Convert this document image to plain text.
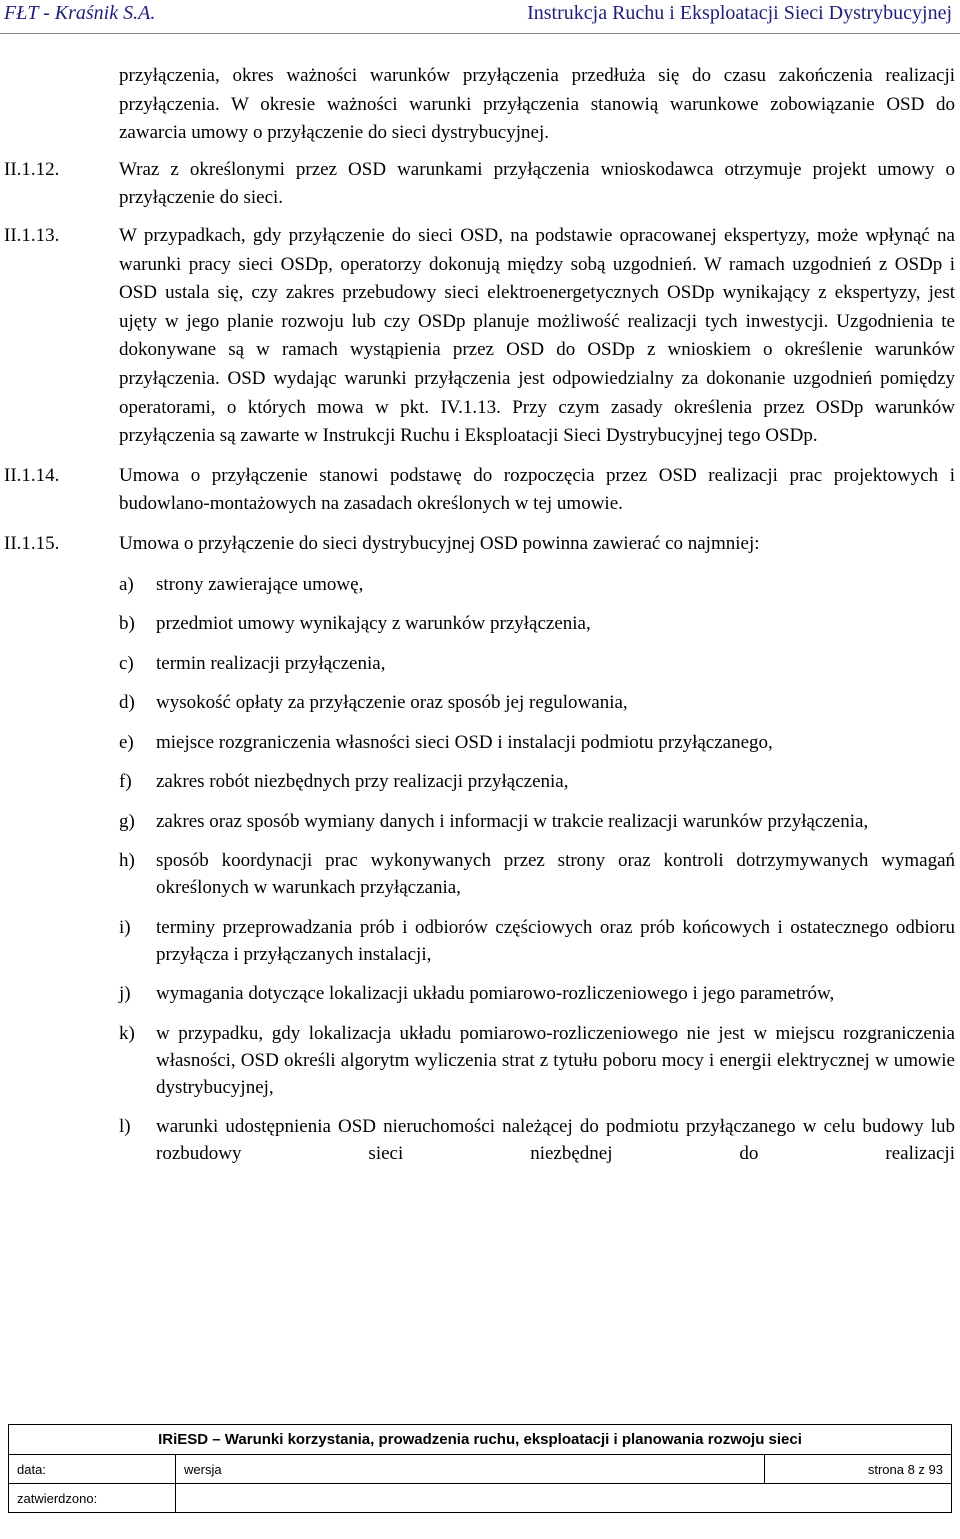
FŁT - Kraśnik S.A.	Instrukcja Ruchu i Eksploatacji Sieci Dystrybucyjnej
przyłączenia, okres ważności warunków przyłączenia przedłuża się do czasu zakończenia realizacji przyłączenia. W okresie ważności warunki przyłączenia stanowią warunkowe zobowiązanie OSD do zawarcia umowy o przyłączenie do sieci dystrybucyjnej.
II.1.12.	Wraz z określonymi przez OSD warunkami przyłączenia wnioskodawca otrzymuje projekt umowy o przyłączenie do sieci.
II.1.13.	W przypadkach, gdy przyłączenie do sieci OSD, na podstawie opracowanej ekspertyzy, może wpłynąć na warunki pracy sieci OSDp, operatorzy dokonują między sobą uzgodnień. W ramach uzgodnień z OSDp i OSD ustala się, czy zakres przebudowy sieci elektroenergetycznych OSDp wynikający z ekspertyzy, jest ujęty w jego planie rozwoju lub czy OSDp planuje możliwość realizacji tych inwestycji. Uzgodnienia te dokonywane są w ramach wystąpienia przez OSD do OSDp z wnioskiem o określenie warunków przyłączenia. OSD wydając warunki przyłączenia jest odpowiedzialny za dokonanie uzgodnień pomiędzy operatorami, o których mowa w pkt. IV.1.13. Przy czym zasady określenia przez OSDp warunków przyłączenia są zawarte w Instrukcji Ruchu i Eksploatacji Sieci Dystrybucyjnej tego OSDp.
II.1.14.	Umowa o przyłączenie stanowi podstawę do rozpoczęcia przez OSD realizacji prac projektowych i budowlano-montażowych na zasadach określonych w tej umowie.
II.1.15.	Umowa o przyłączenie do sieci dystrybucyjnej OSD powinna zawierać co najmniej:
a) strony zawierające umowę,
b) przedmiot umowy wynikający z warunków przyłączenia,
c) termin realizacji przyłączenia,
d) wysokość opłaty za przyłączenie oraz sposób jej regulowania,
e) miejsce rozgraniczenia własności sieci OSD i instalacji podmiotu przyłączanego,
f) zakres robót niezbędnych przy realizacji przyłączenia,
g) zakres oraz sposób wymiany danych i informacji w trakcie realizacji warunków przyłączenia,
h) sposób koordynacji prac wykonywanych przez strony oraz kontroli dotrzymywanych wymagań określonych w warunkach przyłączania,
i) terminy przeprowadzania prób i odbiorów częściowych oraz prób końcowych i ostatecznego odbioru przyłącza i przyłączanych instalacji,
j) wymagania dotyczące lokalizacji układu pomiarowo-rozliczeniowego i jego parametrów,
k) w przypadku, gdy lokalizacja układu pomiarowo-rozliczeniowego nie jest w miejscu rozgraniczenia własności, OSD określi algorytm wyliczenia strat z tytułu poboru mocy i energii elektrycznej w umowie dystrybucyjnej,
l) warunki udostępnienia OSD nieruchomości należącej do podmiotu przyłączanego w celu budowy lub rozbudowy sieci niezbędnej do realizacji
IRiESD – Warunki korzystania, prowadzenia ruchu, eksploatacji i planowania rozwoju sieci		
data:	wersja	strona 8 z 93
zatwierdzono:		
